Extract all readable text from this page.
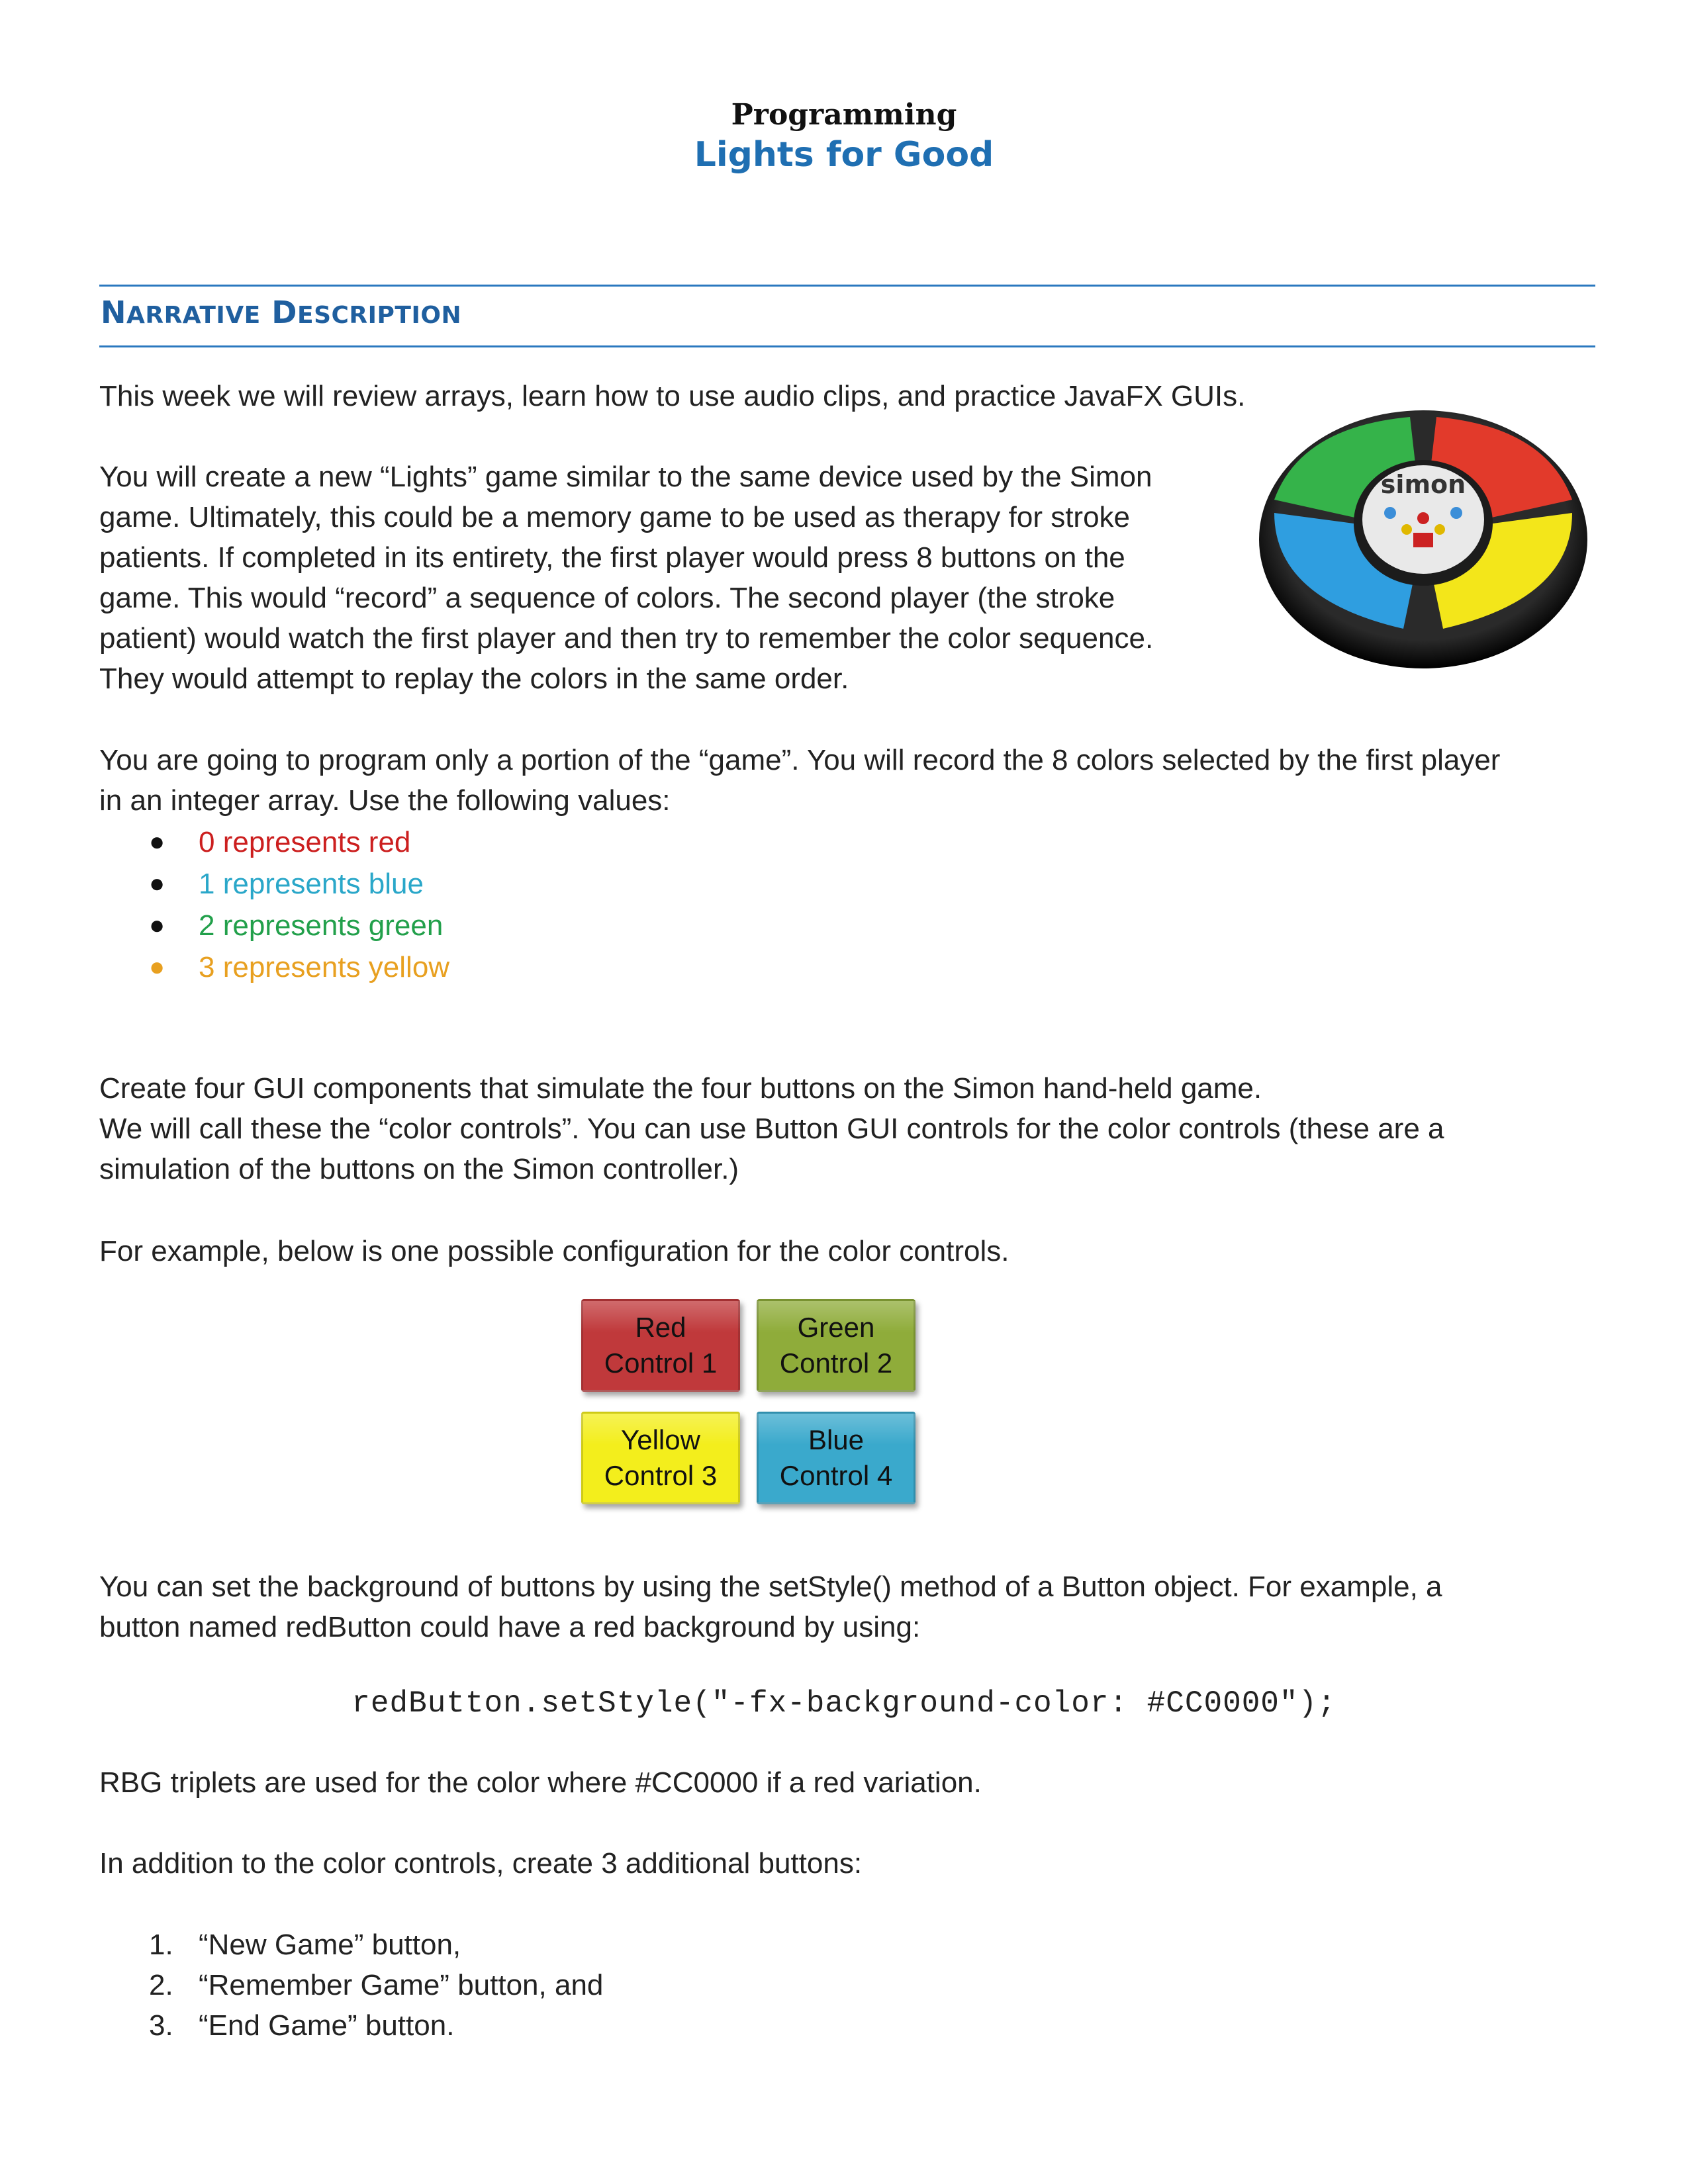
Programming
Lights for Good
NARRATIVE DESCRIPTION
This week we will review arrays, learn how to use audio clips, and practice JavaFX GUIs.
You will create a new “Lights” game similar to the same device used by the Simon
game. Ultimately, this could be a memory game to be used as therapy for stroke
patients. If completed in its entirety, the first player would press 8 buttons on the
game. This would “record” a sequence of colors. The second player (the stroke
patient) would watch the first player and then try to remember the color sequence.
They would attempt to replay the colors in the same order.
simon
You are going to program only a portion of the “game”. You will record the 8 colors selected by the first player
in an integer array. Use the following values:
● 0 represents red
● 1 represents blue
● 2 represents green
● 3 represents yellow
Create four GUI components that simulate the four buttons on the Simon hand-held game.
We will call these the “color controls”. You can use Button GUI controls for the color controls (these are a
simulation of the buttons on the Simon controller.)
For example, below is one possible configuration for the color controls.
Red
Control 1
Green
Control 2
Yellow
Control 3
Blue
Control 4
You can set the background of buttons by using the setStyle() method of a Button object. For example, a
button named redButton could have a red background by using:
redButton.setStyle("-fx-background-color: #CC0000");
RBG triplets are used for the color where #CC0000 if a red variation.
In addition to the color controls, create 3 additional buttons:
1. “New Game” button,
2. “Remember Game” button, and
3. “End Game” button.
